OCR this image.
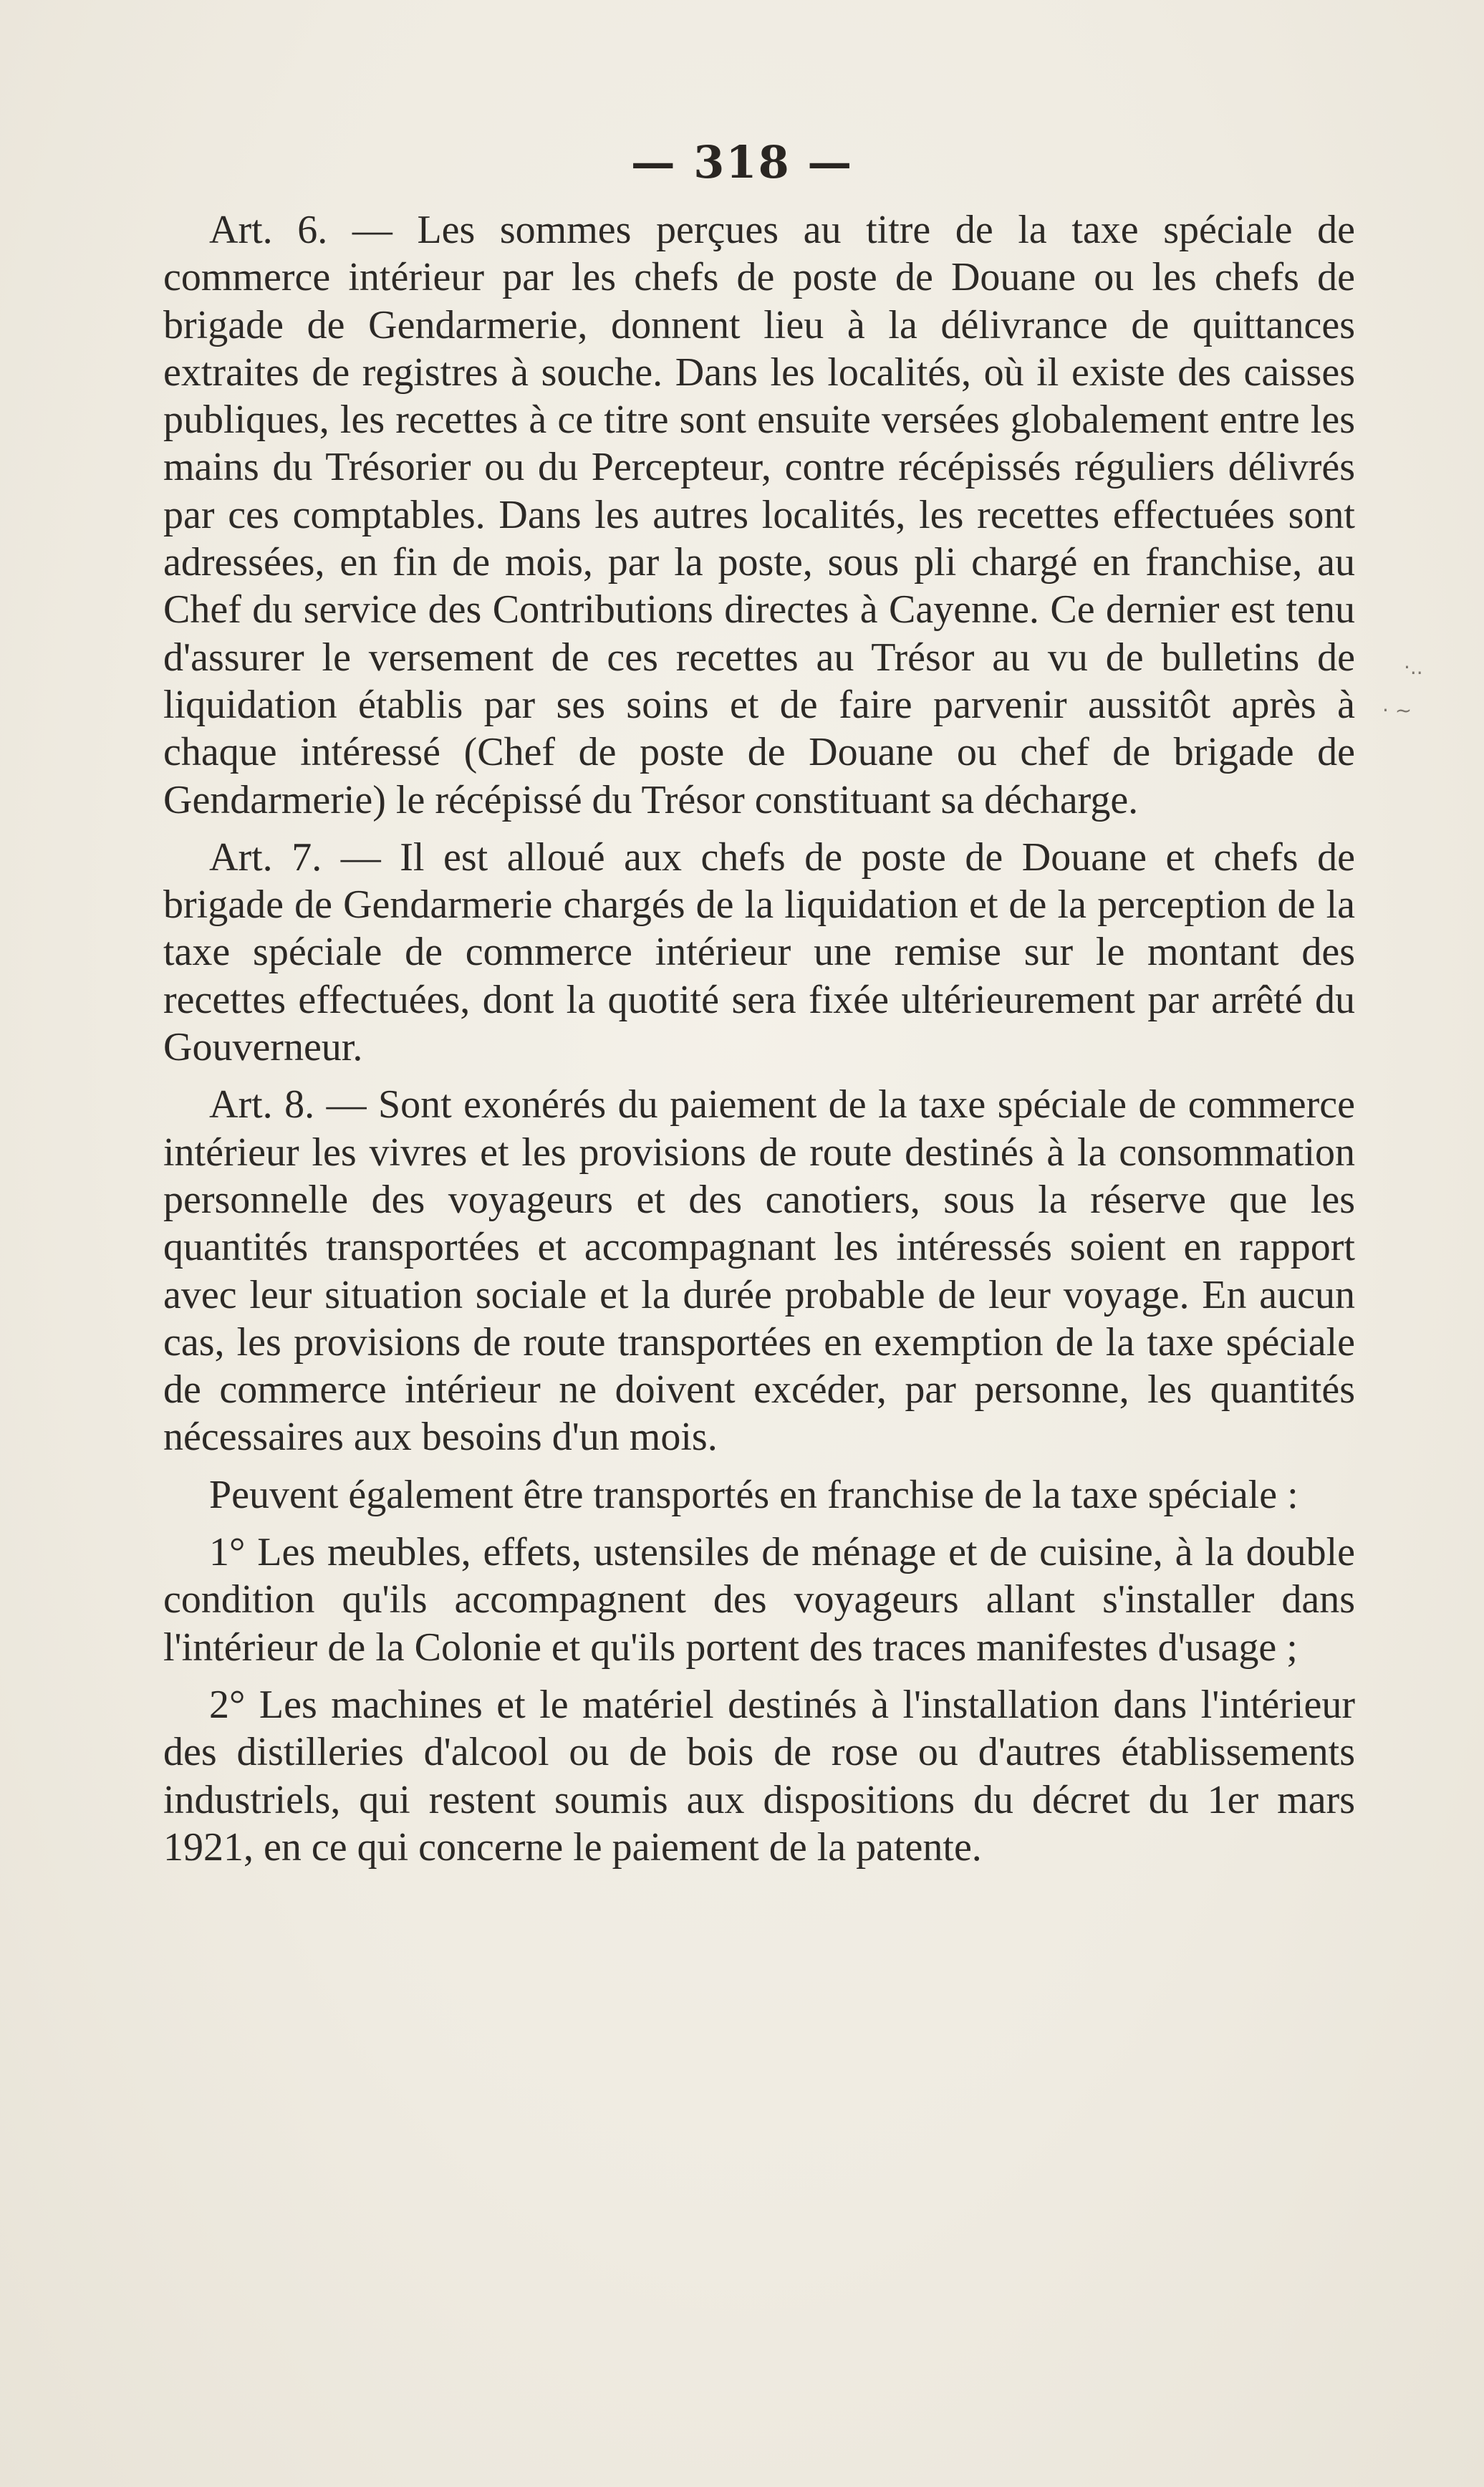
— 318 —

Art. 6. — Les sommes perçues au titre de la taxe spéciale de commerce intérieur par les chefs de poste de Douane ou les chefs de brigade de Gendarmerie, donnent lieu à la délivrance de quittances extraites de registres à souche. Dans les localités, où il existe des caisses publiques, les recettes à ce titre sont ensuite versées globalement entre les mains du Trésorier ou du Percepteur, contre récépissés réguliers délivrés par ces comptables. Dans les autres localités, les recettes effectuées sont adressées, en fin de mois, par la poste, sous pli chargé en franchise, au Chef du service des Contributions directes à Cayenne. Ce dernier est tenu d'assurer le versement de ces recettes au Trésor au vu de bulletins de liquidation établis par ses soins et de faire parvenir aussitôt après à chaque intéressé (Chef de poste de Douane ou chef de brigade de Gendarmerie) le récépissé du Trésor constituant sa décharge.

Art. 7. — Il est alloué aux chefs de poste de Douane et chefs de brigade de Gendarmerie chargés de la liquidation et de la perception de la taxe spéciale de commerce intérieur une remise sur le montant des recettes effectuées, dont la quotité sera fixée ultérieurement par arrêté du Gouverneur.

Art. 8. — Sont exonérés du paiement de la taxe spéciale de commerce intérieur les vivres et les provisions de route destinés à la consommation personnelle des voyageurs et des canotiers, sous la réserve que les quantités transportées et accompagnant les intéressés soient en rapport avec leur situation sociale et la durée probable de leur voyage. En aucun cas, les provisions de route transportées en exemption de la taxe spéciale de commerce intérieur ne doivent excéder, par personne, les quantités nécessaires aux besoins d'un mois.

Peuvent également être transportés en franchise de la taxe spéciale :

1° Les meubles, effets, ustensiles de ménage et de cuisine, à la double condition qu'ils accompagnent des voyageurs allant s'installer dans l'intérieur de la Colonie et qu'ils portent des traces manifestes d'usage ;

2° Les machines et le matériel destinés à l'installation dans l'intérieur des distilleries d'alcool ou de bois de rose ou d'autres établissements industriels, qui restent soumis aux dispositions du décret du 1er mars 1921, en ce qui concerne le paiement de la patente.

·..
· ~
